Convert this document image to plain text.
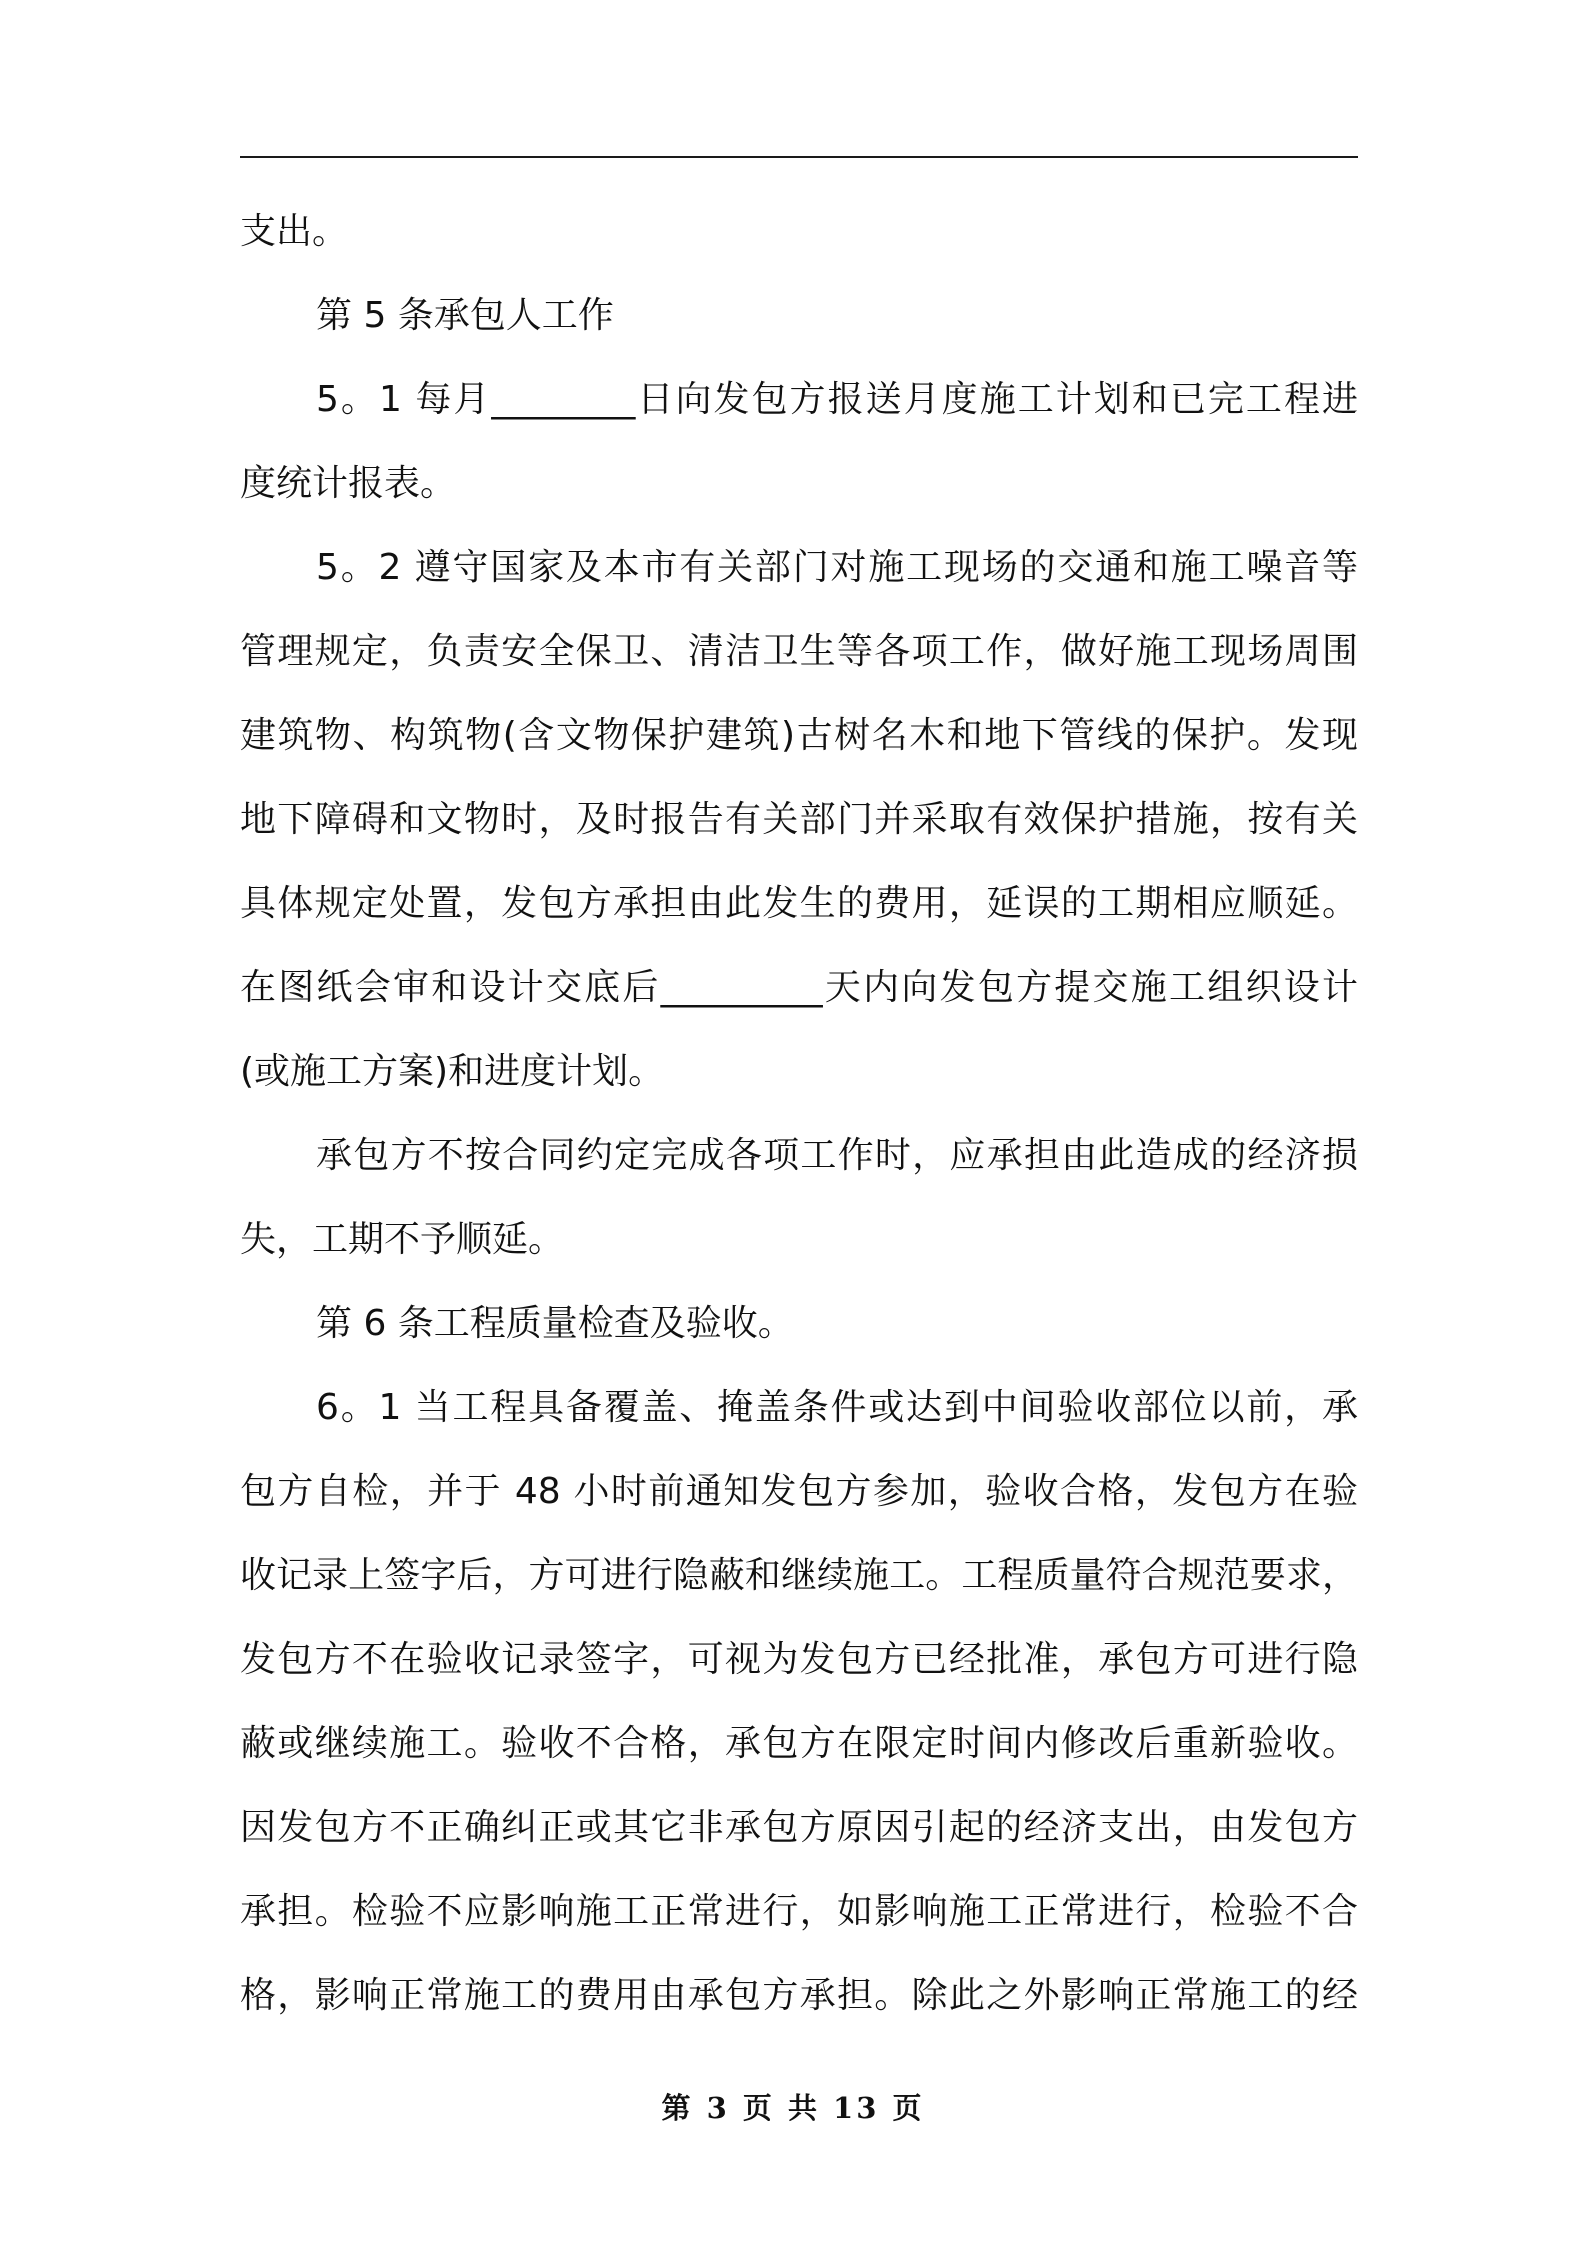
支出。
第 5 条承包人工作
5。1 每月________日向发包方报送月度施工计划和已完工程进
度统计报表。
5。2 遵守国家及本市有关部门对施工现场的交通和施工噪音等
管理规定，负责安全保卫、清洁卫生等各项工作，做好施工现场周围
建筑物、构筑物(含文物保护建筑)古树名木和地下管线的保护。发现
地下障碍和文物时，及时报告有关部门并采取有效保护措施，按有关
具体规定处置，发包方承担由此发生的费用，延误的工期相应顺延。
在图纸会审和设计交底后_________天内向发包方提交施工组织设计
(或施工方案)和进度计划。
承包方不按合同约定完成各项工作时，应承担由此造成的经济损
失，工期不予顺延。
第 6 条工程质量检查及验收。
6。1 当工程具备覆盖、掩盖条件或达到中间验收部位以前，承
包方自检，并于 48 小时前通知发包方参加，验收合格，发包方在验
收记录上签字后，方可进行隐蔽和继续施工。工程质量符合规范要求，
发包方不在验收记录签字，可视为发包方已经批准，承包方可进行隐
蔽或继续施工。验收不合格，承包方在限定时间内修改后重新验收。
因发包方不正确纠正或其它非承包方原因引起的经济支出，由发包方
承担。检验不应影响施工正常进行，如影响施工正常进行，检验不合
格，影响正常施工的费用由承包方承担。除此之外影响正常施工的经
第 3 页 共 13 页
